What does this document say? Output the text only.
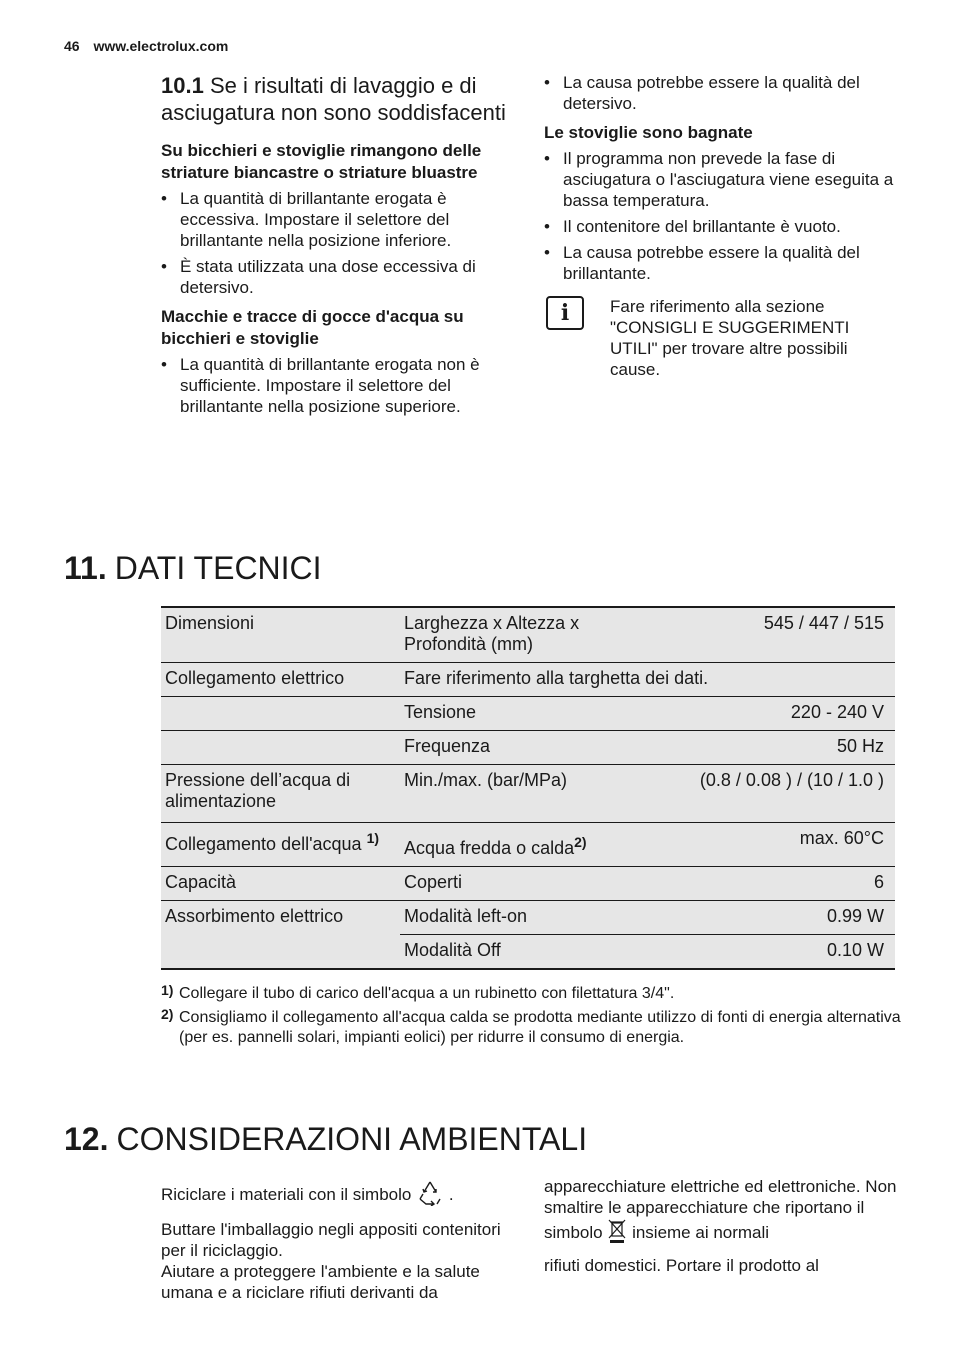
46 www.electrolux.com
10.1 Se i risultati di lavaggio e di asciugatura non sono soddisfacenti

Su bicchieri e stoviglie rimangono delle striature biancastre o striature bluastre

• La quantità di brillantante erogata è eccessiva. Impostare il selettore del brillantante nella posizione inferiore.
• È stata utilizzata una dose eccessiva di detersivo.

Macchie e tracce di gocce d'acqua su bicchieri e stoviglie

• La quantità di brillantante erogata non è sufficiente. Impostare il selettore del brillantante nella posizione superiore.
• La causa potrebbe essere la qualità del detersivo.

Le stoviglie sono bagnate

• Il programma non prevede la fase di asciugatura o l'asciugatura viene eseguita a bassa temperatura.
• Il contenitore del brillantante è vuoto.
• La causa potrebbe essere la qualità del brillantante.
i Fare riferimento alla sezione "CONSIGLI E SUGGERIMENTI UTILI" per trovare altre possibili cause.
11. DATI TECNICI
Dimensioni	Larghezza x Altezza x Profondità (mm)	545 / 447 / 515
Collegamento elettrico	Fare riferimento alla targhetta dei dati.	
	Tensione	220 - 240 V
	Frequenza	50 Hz
Pressione dell’acqua di alimentazione	Min./max. (bar/MPa)	(0.8 / 0.08 ) / (10 / 1.0 )
Collegamento dell'acqua $^{1)}$	Acqua fredda o calda$^{2)}$	max. 60°C
Capacità	Coperti	6
Assorbimento elettrico	Modalità left-on	0.99 W
	Modalità Off	0.10 W
1) Collegare il tubo di carico dell'acqua a un rubinetto con filettatura 3/4".
2) Consigliamo il collegamento all'acqua calda se prodotta mediante utilizzo di fonti di energia alternativa (per es. pannelli solari, impianti eolici) per ridurre il consumo di energia.
12. CONSIDERAZIONI AMBIENTALI

Riciclare i materiali con il simbolo .

Buttare l'imballaggio negli appositi contenitori per il riciclaggio.

Aiutare a proteggere l'ambiente e la salute umana e a riciclare rifiuti derivanti da

apparecchiature elettriche ed elettroniche. Non smaltire le apparecchiature che riportano il simbolo insieme ai normali

rifiuti domestici. Portare il prodotto al
